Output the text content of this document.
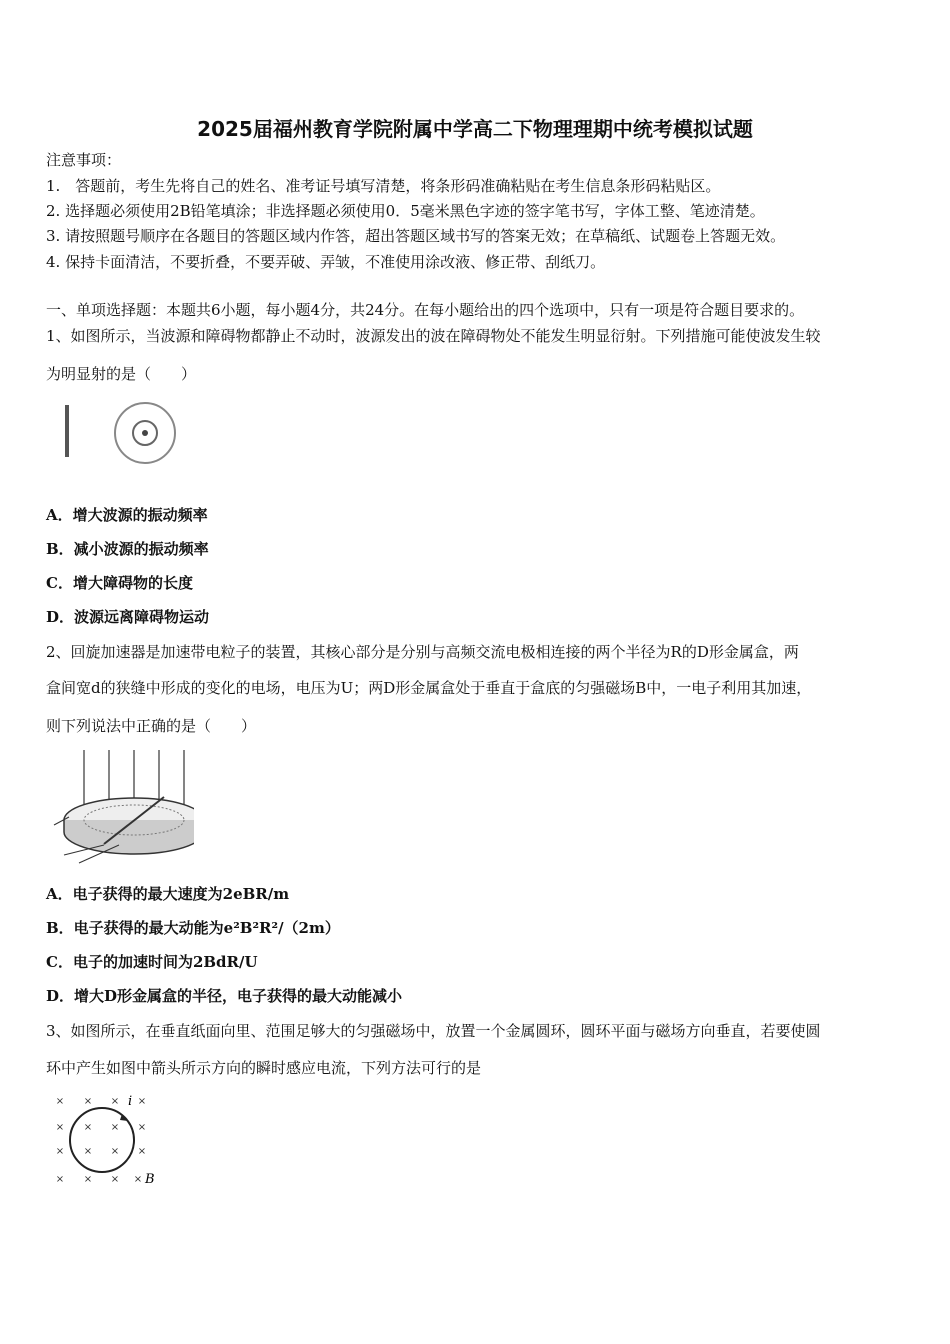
2025届福州教育学院附属中学高二下物理理期中统考模拟试题
注意事项：
1.　答题前，考生先将自己的姓名、准考证号填写清楚，将条形码准确粘贴在考生信息条形码粘贴区。
2. 选择题必须使用2B铅笔填涂；非选择题必须使用0．5毫米黑色字迹的签字笔书写，字体工整、笔迹清楚。
3. 请按照题号顺序在各题目的答题区域内作答，超出答题区域书写的答案无效；在草稿纸、试题卷上答题无效。
4. 保持卡面清洁，不要折叠，不要弄破、弄皱，不准使用涂改液、修正带、刮纸刀。
一、单项选择题：本题共6小题，每小题4分，共24分。在每小题给出的四个选项中，只有一项是符合题目要求的。
1、如图所示，当波源和障碍物都静止不动时，波源发出的波在障碍物处不能发生明显衍射。下列措施可能使波发生较
为明显射的是（　　）
A．增大波源的振动频率
B．减小波源的振动频率
C．增大障碍物的长度
D．波源远离障碍物运动
2、回旋加速器是加速带电粒子的装置，其核心部分是分别与高频交流电极相连接的两个半径为R的D形金属盒，两
盒间宽d的狭缝中形成的变化的电场，电压为U；两D形金属盒处于垂直于盒底的匀强磁场B中，一电子利用其加速，
则下列说法中正确的是（　　）
A．电子获得的最大速度为2eBR/m
B．电子获得的最大动能为e²B²R²/（2m）
C．电子的加速时间为2BdR/U
D．增大D形金属盒的半径，电子获得的最大动能减小
3、如图所示，在垂直纸面向里、范围足够大的匀强磁场中，放置一个金属圆环，圆环平面与磁场方向垂直，若要使圆
环中产生如图中箭头所示方向的瞬时感应电流，下列方法可行的是
× × × ×
× × × ×
× × × ×
× × × ×
i
B
